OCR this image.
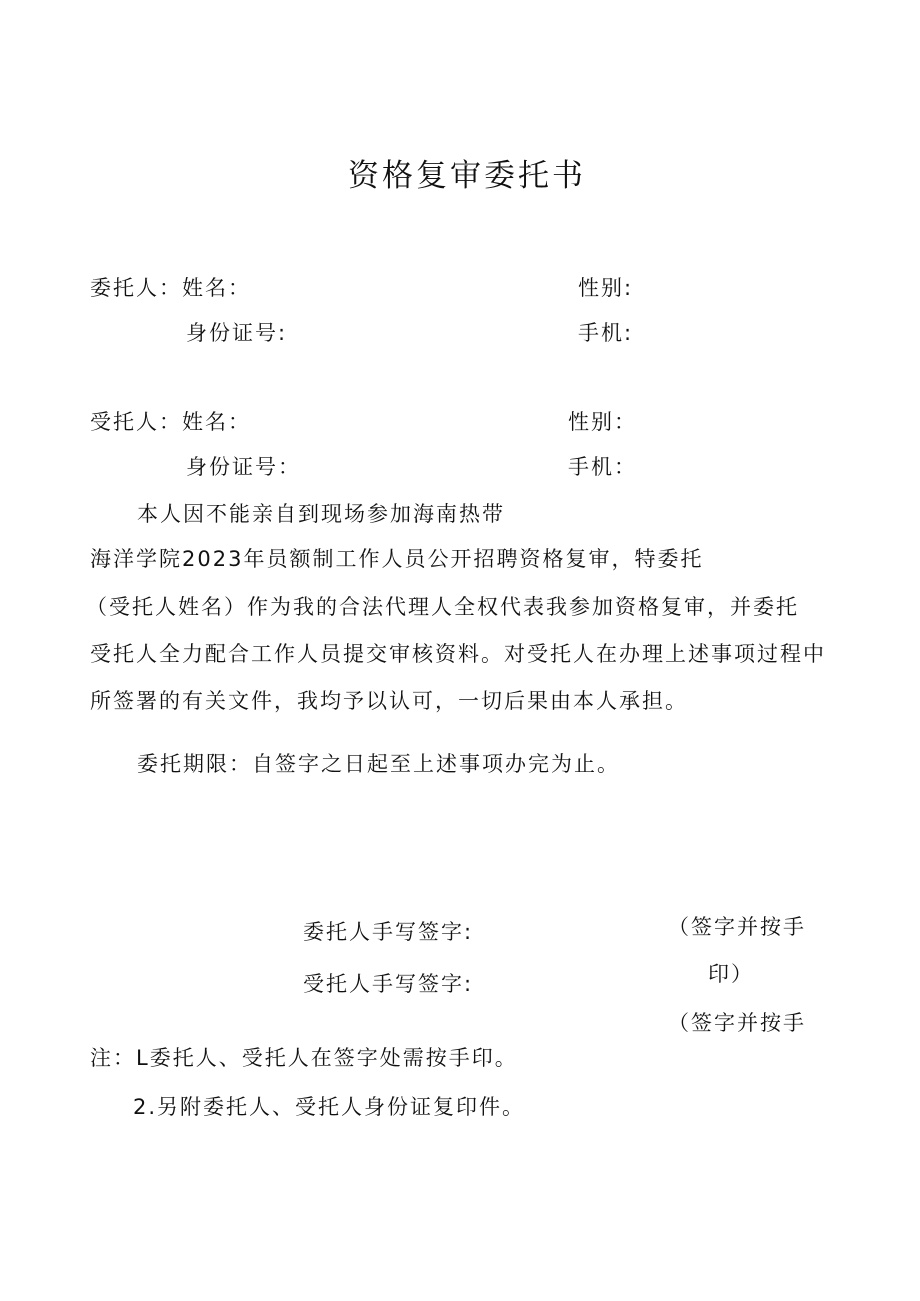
资格复审委托书
委托人：姓名：	性别:
身份证号:	手机:
受托人：姓名：	性别：
身份证号：	手机：
本人因不能亲自到现场参加海南热带
海洋学院2023年员额制工作人员公开招聘资格复审，特委托
（受托人姓名）作为我的合法代理人全权代表我参加资格复审，并委托
受托人全力配合工作人员提交审核资料。对受托人在办理上述事项过程中
所签署的有关文件，我均予以认可，一切后果由本人承担。
委托期限：自签字之日起至上述事项办完为止。
委托人手写签字:
受托人手写签字:
（签字并按手
印）
（签字并按手
注：L委托人、受托人在签字处需按手印。
2.另附委托人、受托人身份证复印件。
